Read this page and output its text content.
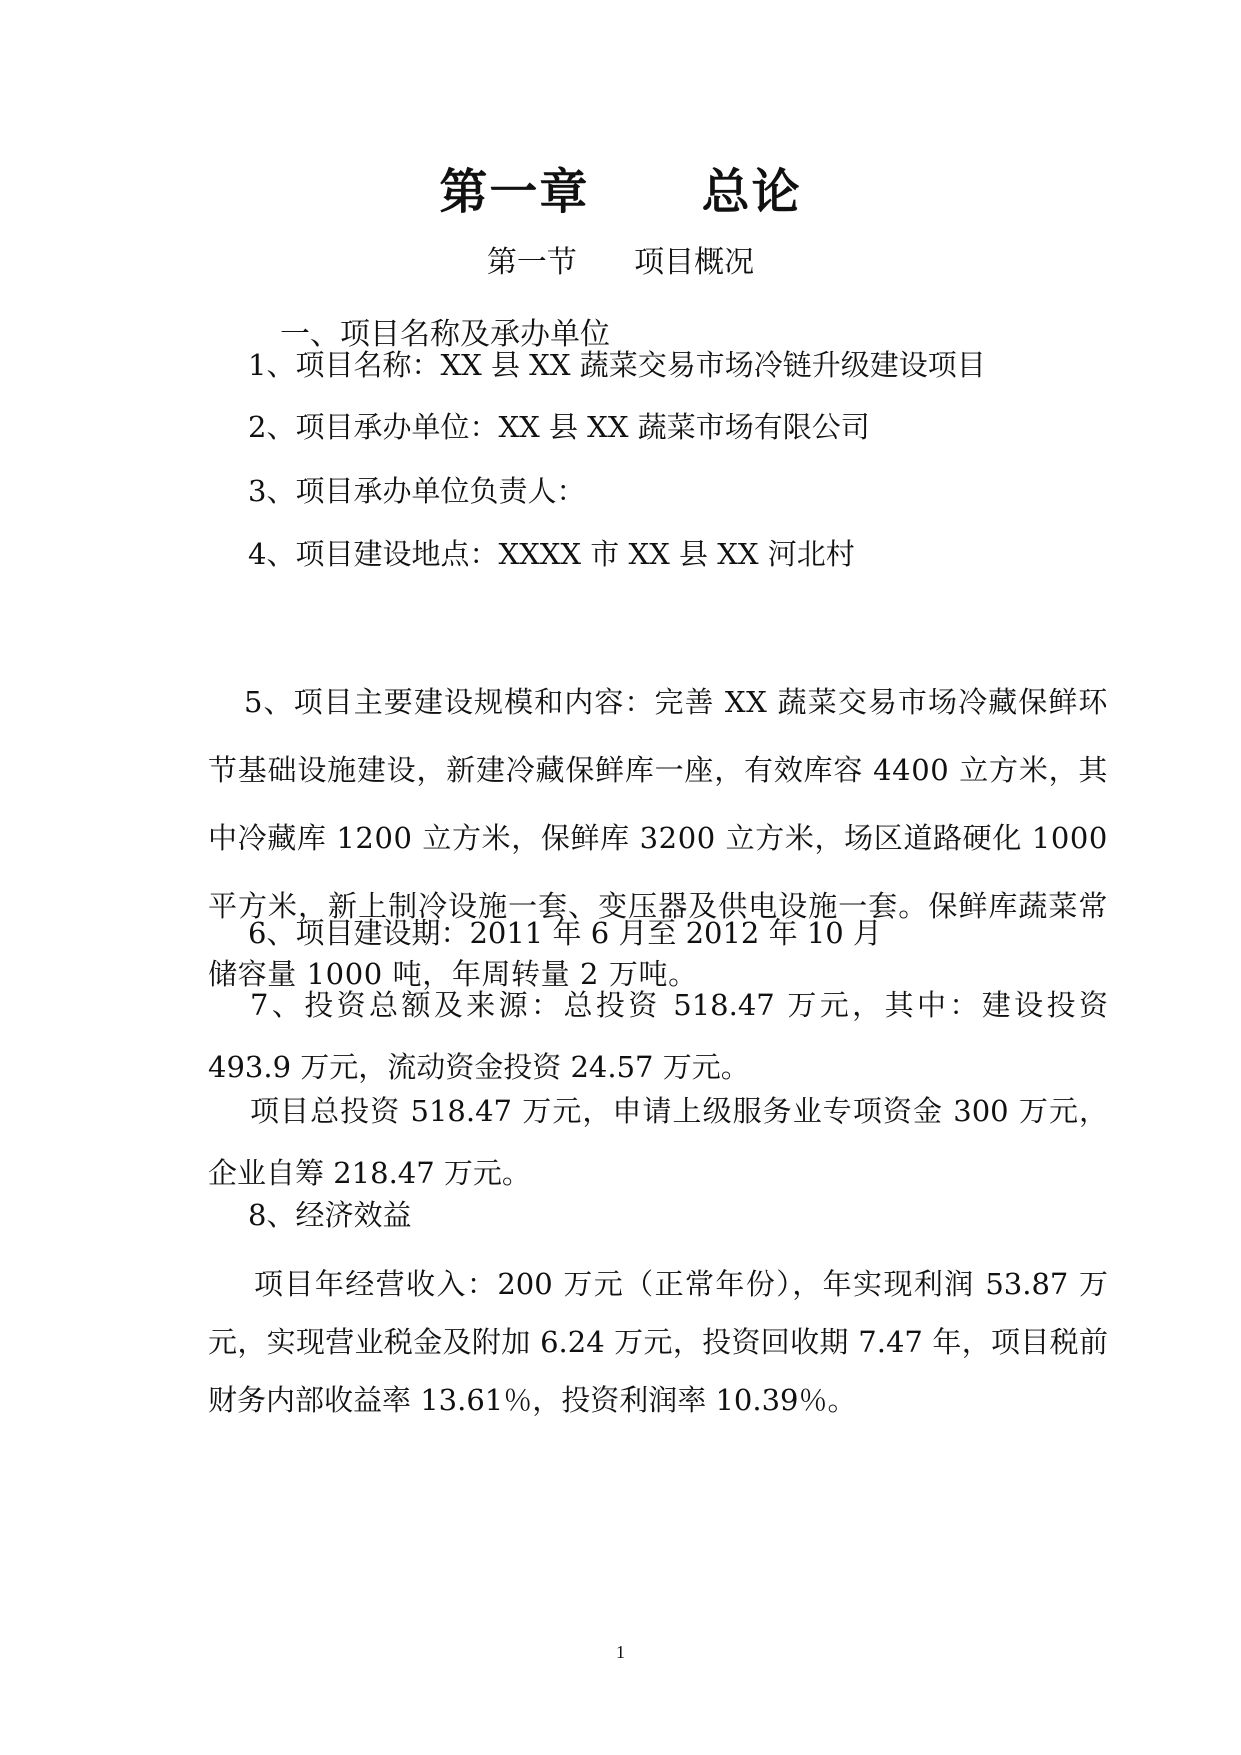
第一章      总论
第一节      项目概况
一、项目名称及承办单位
1、项目名称：XX 县 XX 蔬菜交易市场冷链升级建设项目
2、项目承办单位：XX 县 XX 蔬菜市场有限公司
3、项目承办单位负责人：
4、项目建设地点：XXXX 市 XX 县 XX 河北村

5、项目主要建设规模和内容：完善 XX 蔬菜交易市场冷藏保鲜环节基础设施建设，新建冷藏保鲜库一座，有效库容 4400 立方米，其中冷藏库 1200 立方米，保鲜库 3200 立方米，场区道路硬化 1000 平方米，新上制冷设施一套、变压器及供电设施一套。保鲜库蔬菜常储容量 1000 吨，年周转量 2 万吨。

6、项目建设期：2011 年 6 月至 2012 年 10 月

7、投资总额及来源：总投资 518.47 万元，其中：建设投资 493.9 万元，流动资金投资 24.57 万元。

项目总投资 518.47 万元，申请上级服务业专项资金 300 万元，企业自筹 218.47 万元。

8、经济效益

项目年经营收入：200 万元（正常年份），年实现利润 53.87 万元，实现营业税金及附加 6.24 万元，投资回收期 7.47 年，项目税前财务内部收益率 13.61％，投资利润率 10.39％。

1
